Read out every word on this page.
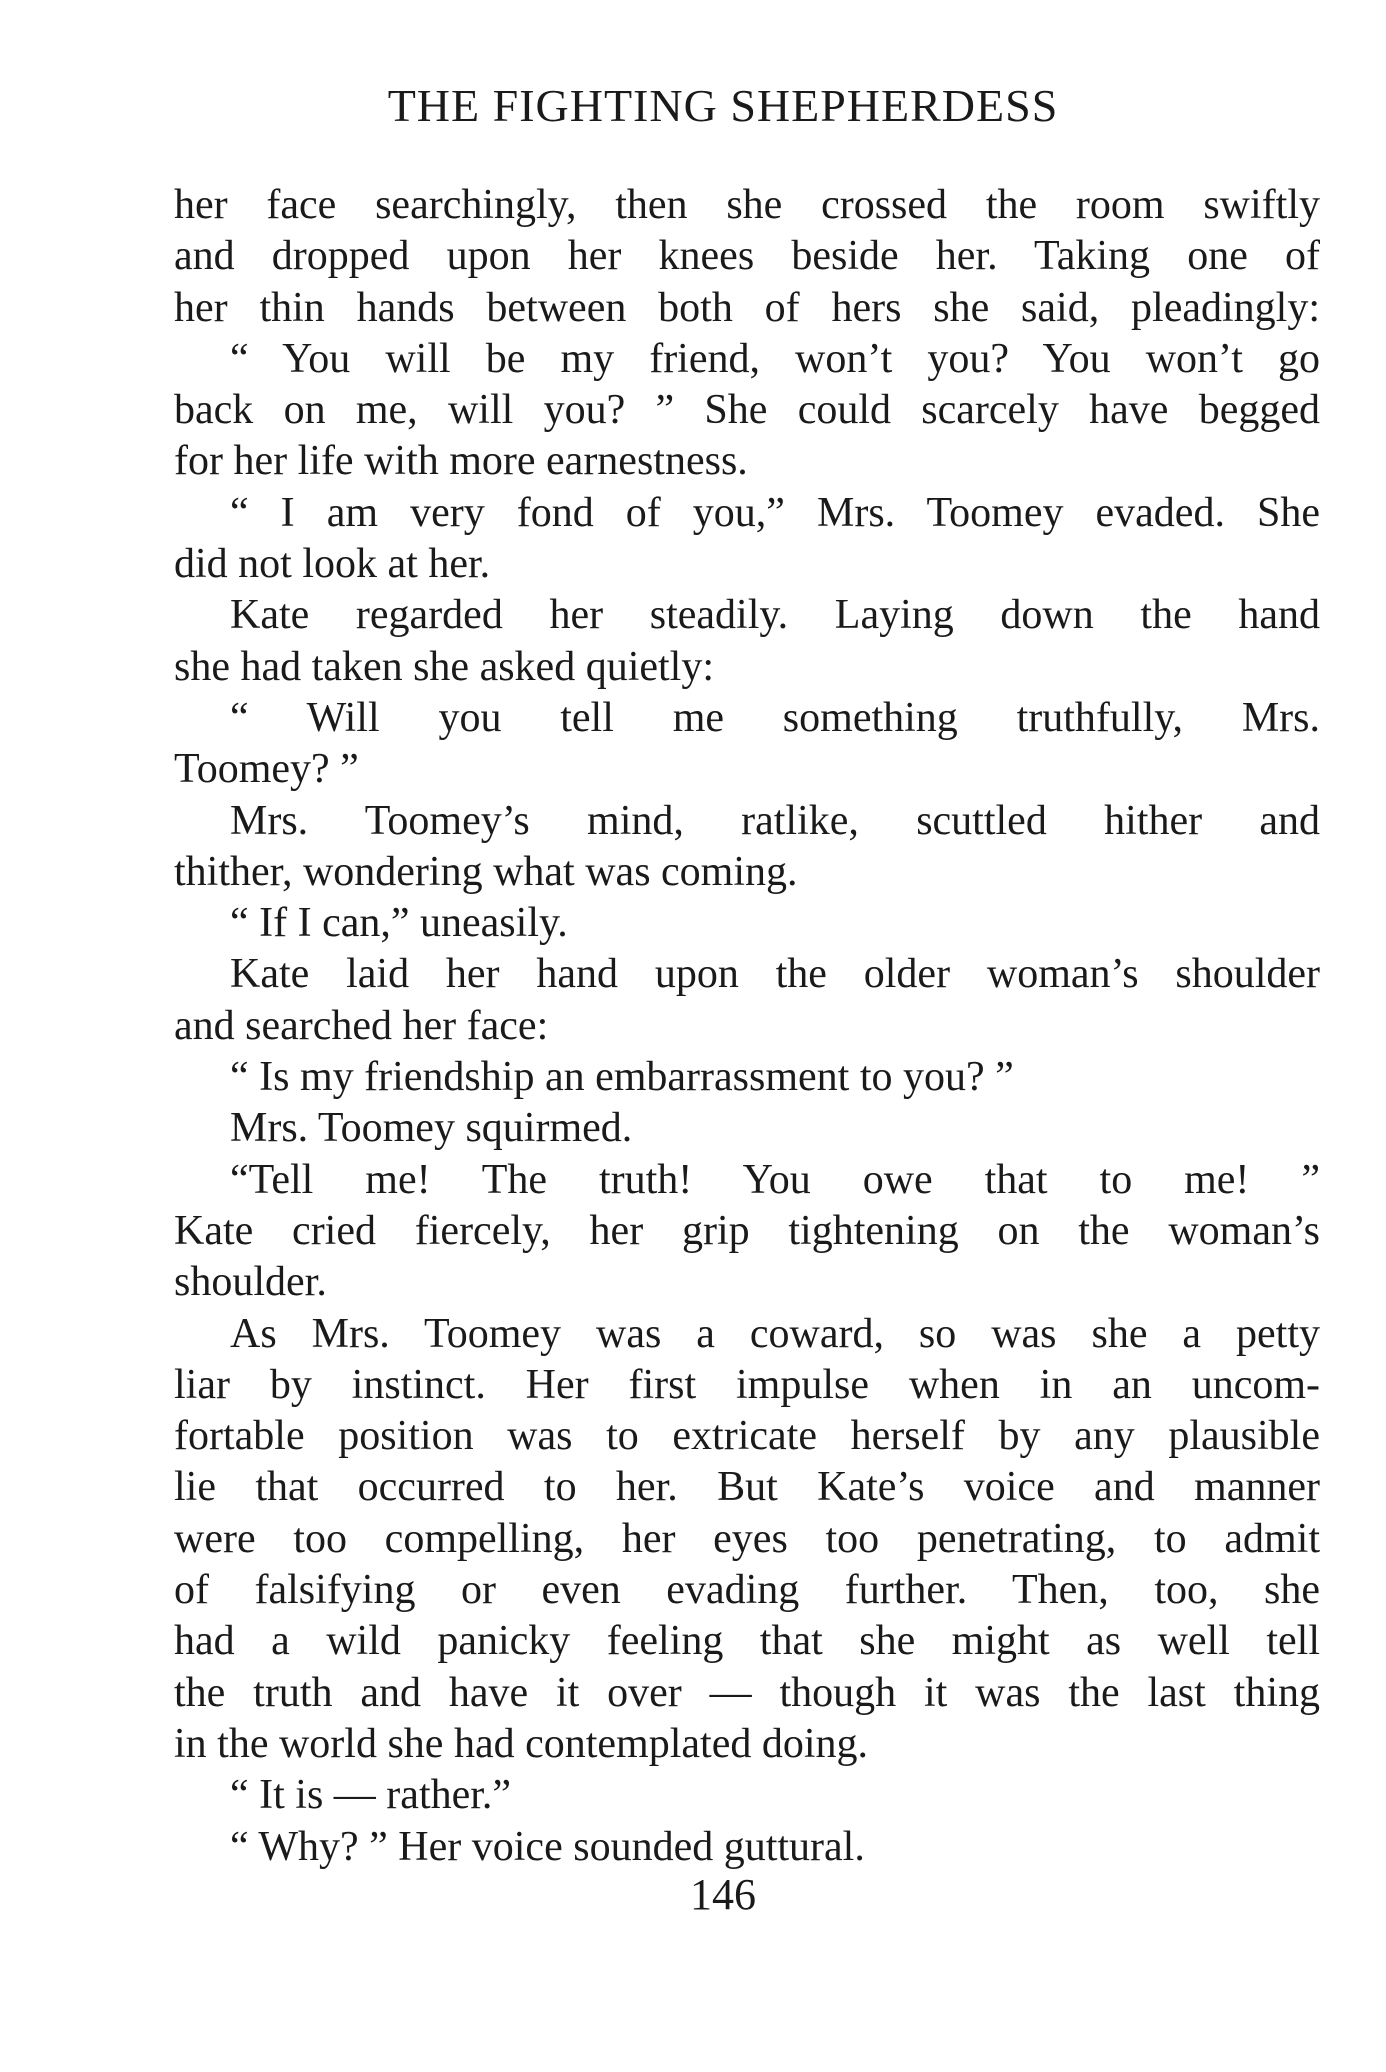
THE FIGHTING SHEPHERDESS
her face searchingly, then she crossed the room swiftly
and dropped upon her knees beside her. Taking one of
her thin hands between both of hers she said, pleadingly:
“ You will be my friend, won’t you? You won’t go
back on me, will you? ” She could scarcely have begged
for her life with more earnestness.
“ I am very fond of you,” Mrs. Toomey evaded. She
did not look at her.
Kate regarded her steadily. Laying down the hand
she had taken she asked quietly:
“ Will you tell me something truthfully, Mrs.
Toomey? ”
Mrs. Toomey’s mind, ratlike, scuttled hither and
thither, wondering what was coming.
“ If I can,” uneasily.
Kate laid her hand upon the older woman’s shoulder
and searched her face:
“ Is my friendship an embarrassment to you? ”
Mrs. Toomey squirmed.
“Tell me! The truth! You owe that to me! ”
Kate cried fiercely, her grip tightening on the woman’s
shoulder.
As Mrs. Toomey was a coward, so was she a petty
liar by instinct. Her first impulse when in an uncom-
fortable position was to extricate herself by any plausible
lie that occurred to her. But Kate’s voice and manner
were too compelling, her eyes too penetrating, to admit
of falsifying or even evading further. Then, too, she
had a wild panicky feeling that she might as well tell
the truth and have it over — though it was the last thing
in the world she had contemplated doing.
“ It is — rather.”
“ Why? ” Her voice sounded guttural.
146
